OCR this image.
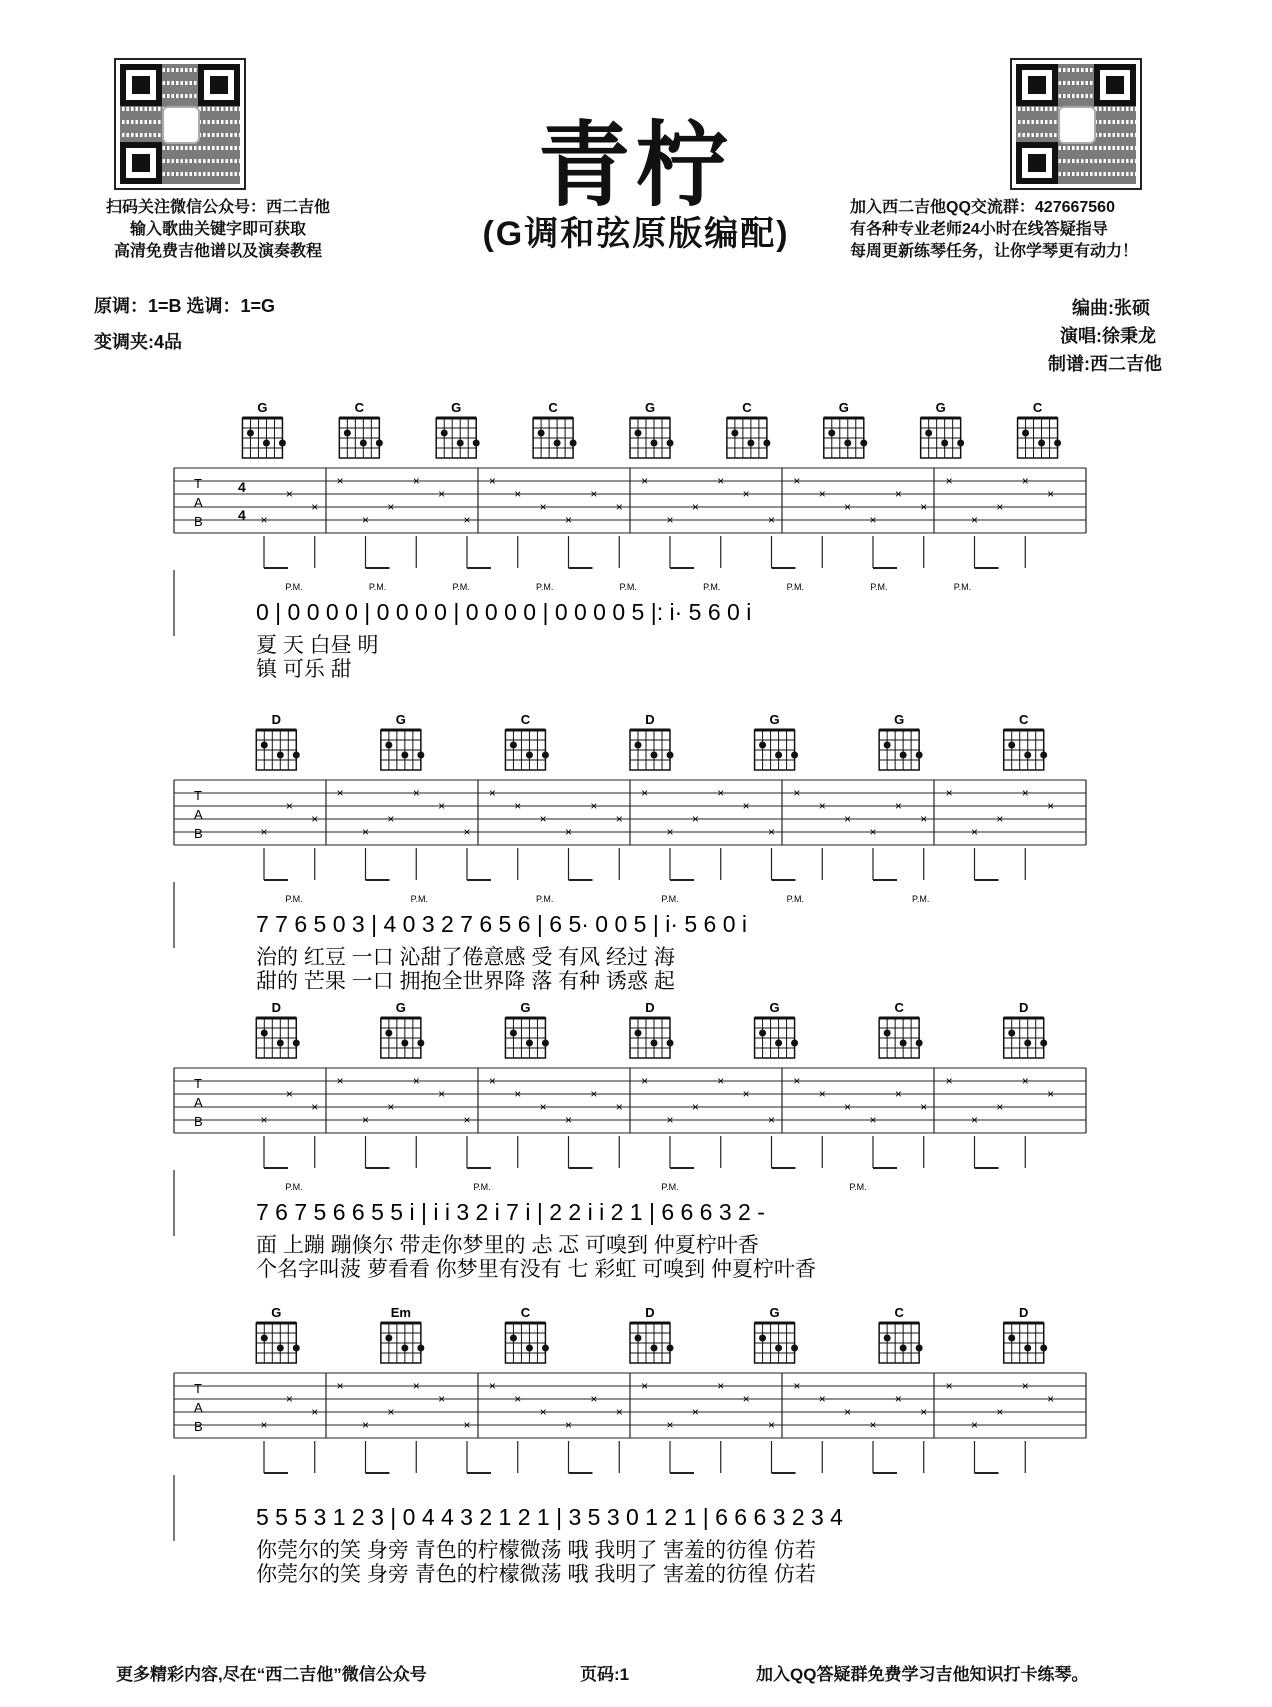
扫码关注微信公众号：西二吉他
输入歌曲关键字即可获取
高清免费吉他谱以及演奏教程
加入西二吉他QQ交流群：427667560
有各种专业老师24小时在线答疑指导
每周更新练琴任务，让你学琴更有动力！
青柠
(G调和弦原版编配)
原调：1=B 选调：1=G
变调夹:4品
编曲:张硕
演唱:徐秉龙
制谱:西二吉他
G	C	G	C	G	C	G	G	C
T
A
B
4
4 ×
×
×
×
×
×
×
×
×
×
×
×
×
×
×
×
×
×
×
×
×
×
×
×
×
×
×
×
×
×
×
×
P.M.	P.M.	P.M.	P.M.	P.M.	P.M.	P.M.	P.M.	P.M.
0 | 0 0 0 0 | 0 0 0 0 | 0 0 0 0 | 0 0 0 0 5 |: i· 5 6 0 i
夏 天 白昼 明
镇 可乐 甜
D	G	C	D	G	G	C
T
A
B	×
×
×
×
×
×
×
×
×
×
×
×
×
×
×
×
×
×
×
×
×
×
×
×
×
×
×
×
×
×
×
×
P.M.	P.M.	P.M.	P.M.	P.M.	P.M.
7 7 6 5 0 3 | 4 0 3 2 7 6 5 6 | 6 5· 0 0 5 | i· 5 6 0 i
治的 红豆 一口 沁甜了倦意感 受 有风 经过 海
甜的 芒果 一口 拥抱全世界降 落 有种 诱惑 起
D	G	G	D	G	C	D
T
A
B	×
×
×
×
×
×
×
×
×
×
×
×
×
×
×
×
×
×
×
×
×
×
×
×
×
×
×
×
×
×
×
×
P.M.	P.M.	P.M.	P.M.
7 6 7 5 6 6 5 5 i | i i 3 2 i 7 i | 2 2 i i 2 1 | 6 6 6 3 2 -
面 上蹦 蹦倏尔 带走你梦里的 忐 忑 可嗅到 仲夏柠叶香
个名字叫菠 萝看看 你梦里有没有 七 彩虹 可嗅到 仲夏柠叶香
G	Em	C	D	G	C	D
T
A
B	×
×
×
×
×
×
×
×
×
×
×
×
×
×
×
×
×
×
×
×
×
×
×
×
×
×
×
×
×
×
×
×
5 5 5 3 1 2 3 | 0 4 4 3 2 1 2 1 | 3 5 3 0 1 2 1 | 6 6 6 3 2 3 4
你莞尔的笑 身旁 青色的柠檬微荡 哦 我明了 害羞的彷徨 仿若
你莞尔的笑 身旁 青色的柠檬微荡 哦 我明了 害羞的彷徨 仿若
更多精彩内容,尽在“西二吉他”微信公众号	页码:1	加入QQ答疑群免费学习吉他知识打卡练琴。
